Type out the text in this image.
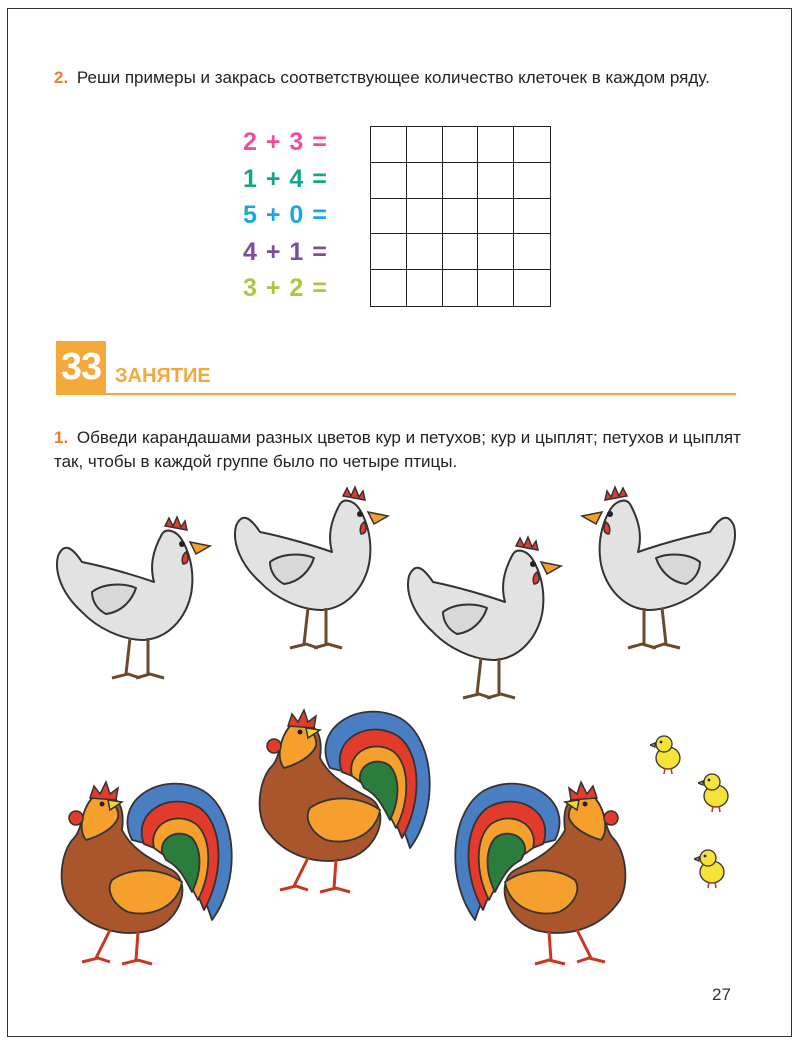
2. Реши примеры и закрась соответствующее количество клеточек в каждом ряду.
2 + 3 =
1 + 4 =
5 + 0 =
4 + 1 =
3 + 2 =
33 ЗАНЯТИЕ
1. Обведи карандашами разных цветов кур и петухов; кур и цыплят; петухов и цыплят так, чтобы в каждой группе было по четыре птицы.
27
